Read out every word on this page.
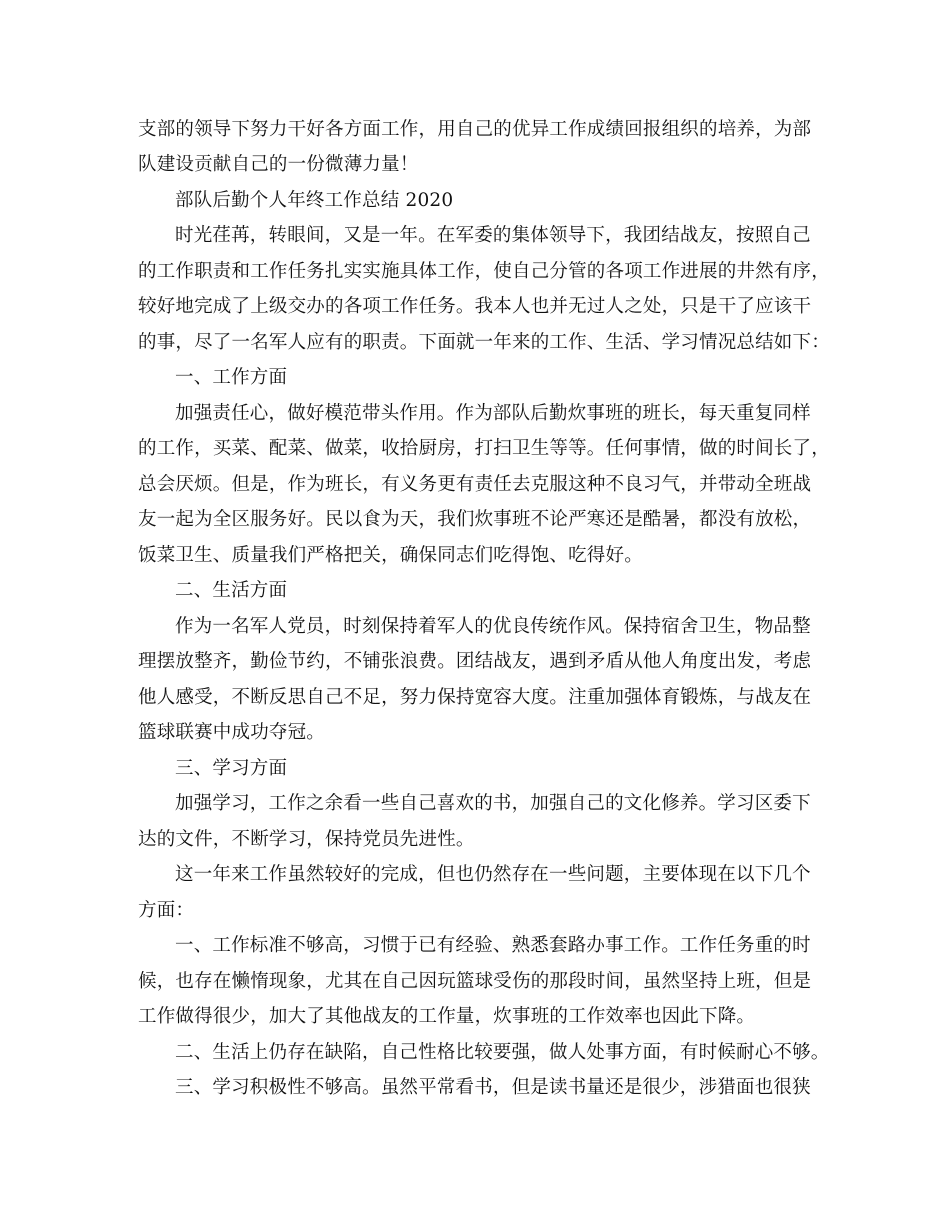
支部的领导下努力干好各方面工作，用自己的优异工作成绩回报组织的培养，为部
队建设贡献自己的一份微薄力量！
部队后勤个人年终工作总结 2020
时光荏苒，转眼间，又是一年。在军委的集体领导下，我团结战友，按照自己
的工作职责和工作任务扎实实施具体工作，使自己分管的各项工作进展的井然有序，
较好地完成了上级交办的各项工作任务。我本人也并无过人之处，只是干了应该干
的事，尽了一名军人应有的职责。下面就一年来的工作、生活、学习情况总结如下：
一、工作方面
加强责任心，做好模范带头作用。作为部队后勤炊事班的班长，每天重复同样
的工作，买菜、配菜、做菜，收拾厨房，打扫卫生等等。任何事情，做的时间长了，
总会厌烦。但是，作为班长，有义务更有责任去克服这种不良习气，并带动全班战
友一起为全区服务好。民以食为天，我们炊事班不论严寒还是酷暑，都没有放松，
饭菜卫生、质量我们严格把关，确保同志们吃得饱、吃得好。
二、生活方面
作为一名军人党员，时刻保持着军人的优良传统作风。保持宿舍卫生，物品整
理摆放整齐，勤俭节约，不铺张浪费。团结战友，遇到矛盾从他人角度出发，考虑
他人感受，不断反思自己不足，努力保持宽容大度。注重加强体育锻炼，与战友在
篮球联赛中成功夺冠。
三、学习方面
加强学习，工作之余看一些自己喜欢的书，加强自己的文化修养。学习区委下
达的文件，不断学习，保持党员先进性。
这一年来工作虽然较好的完成，但也仍然存在一些问题，主要体现在以下几个
方面：
一、工作标准不够高，习惯于已有经验、熟悉套路办事工作。工作任务重的时
候，也存在懒惰现象，尤其在自己因玩篮球受伤的那段时间，虽然坚持上班，但是
工作做得很少，加大了其他战友的工作量，炊事班的工作效率也因此下降。
二、生活上仍存在缺陷，自己性格比较要强，做人处事方面，有时候耐心不够。
三、学习积极性不够高。虽然平常看书，但是读书量还是很少，涉猎面也很狭
